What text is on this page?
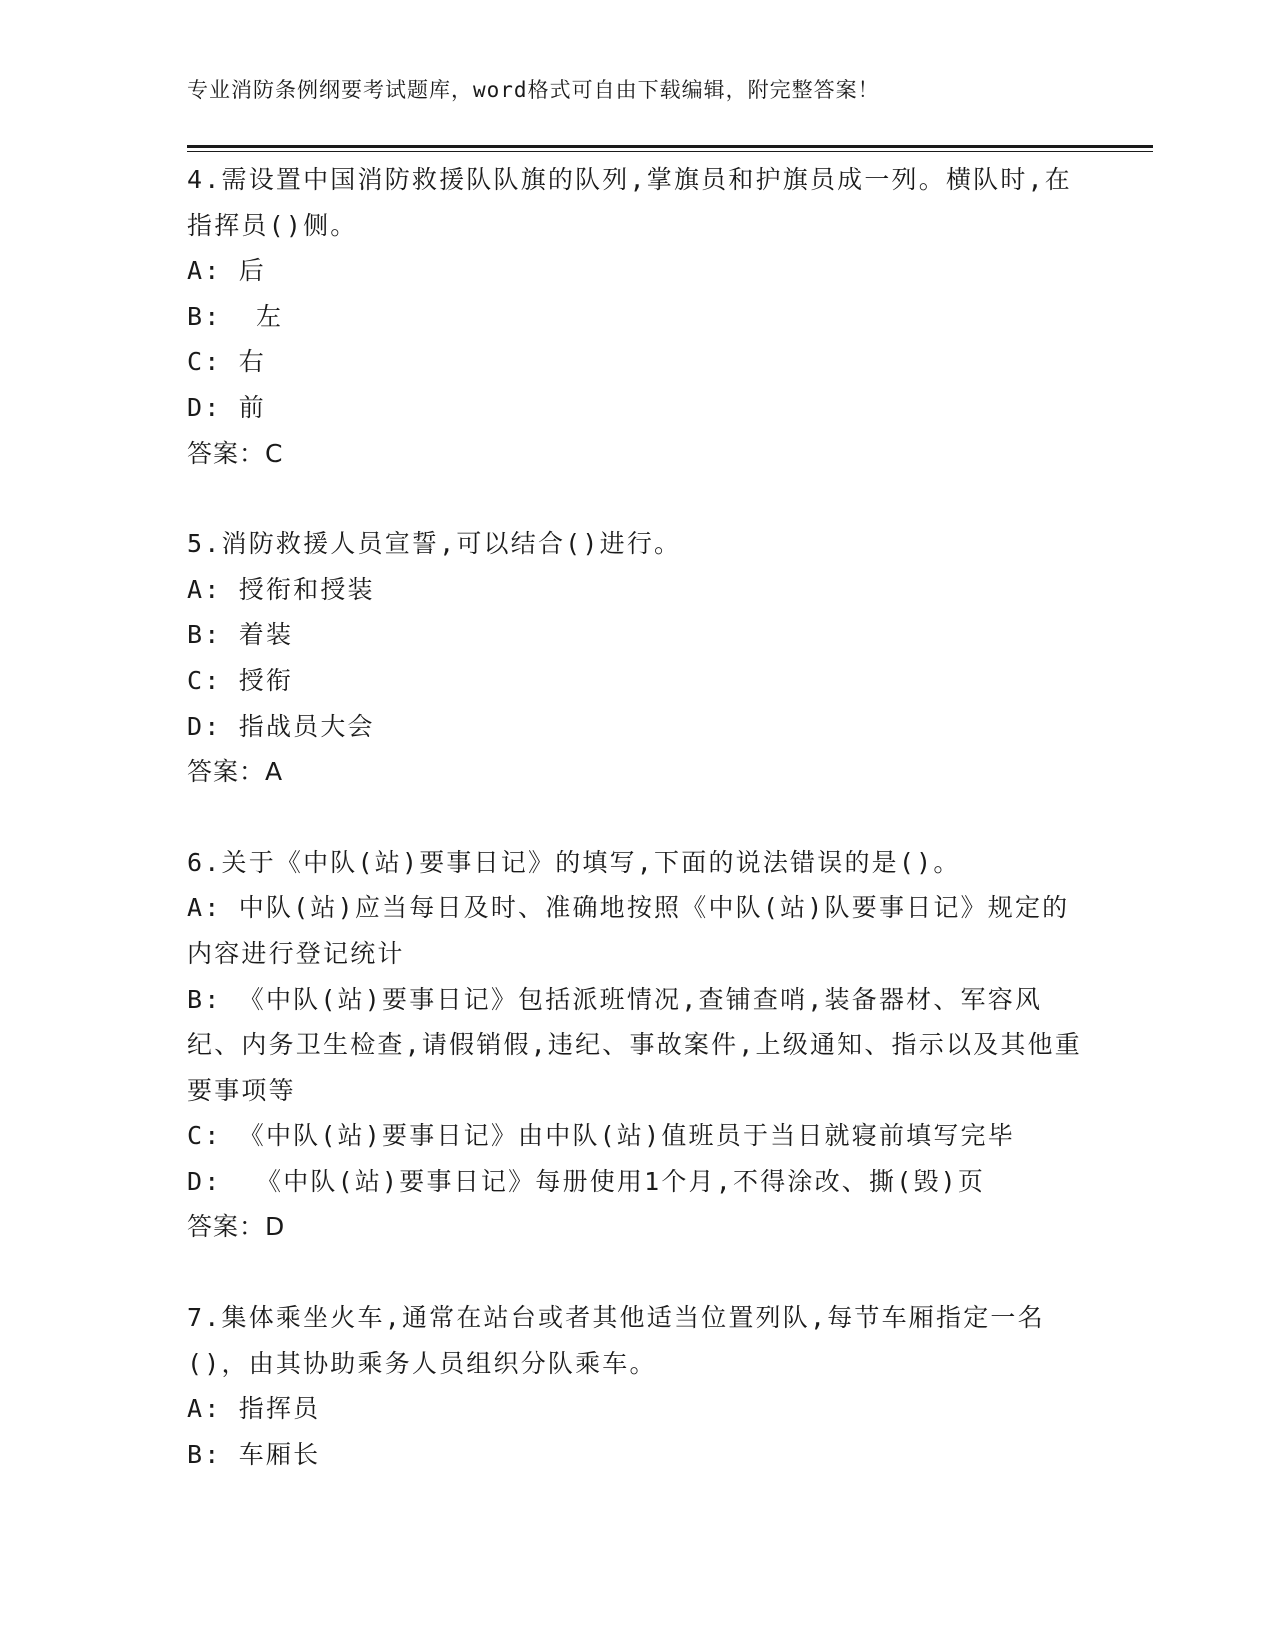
专业消防条例纲要考试题库，word格式可自由下载编辑，附完整答案！
4.需设置中国消防救援队队旗的队列,掌旗员和护旗员成一列。横队时,在指挥员()侧。
A: 后
B:  左
C: 右
D: 前
答案：C
5.消防救援人员宣誓,可以结合()进行。
A: 授衔和授装
B: 着装
C: 授衔
D: 指战员大会
答案：A
6.关于《中队(站)要事日记》的填写,下面的说法错误的是()。
A: 中队(站)应当每日及时、准确地按照《中队(站)队要事日记》规定的内容进行登记统计
B: 《中队(站)要事日记》包括派班情况,查铺查哨,装备器材、军容风纪、内务卫生检查,请假销假,违纪、事故案件,上级通知、指示以及其他重要事项等
C: 《中队(站)要事日记》由中队(站)值班员于当日就寝前填写完毕
D:  《中队(站)要事日记》每册使用1个月,不得涂改、撕(毁)页
答案：D
7.集体乘坐火车,通常在站台或者其他适当位置列队,每节车厢指定一名()，由其协助乘务人员组织分队乘车。
A: 指挥员
B: 车厢长
